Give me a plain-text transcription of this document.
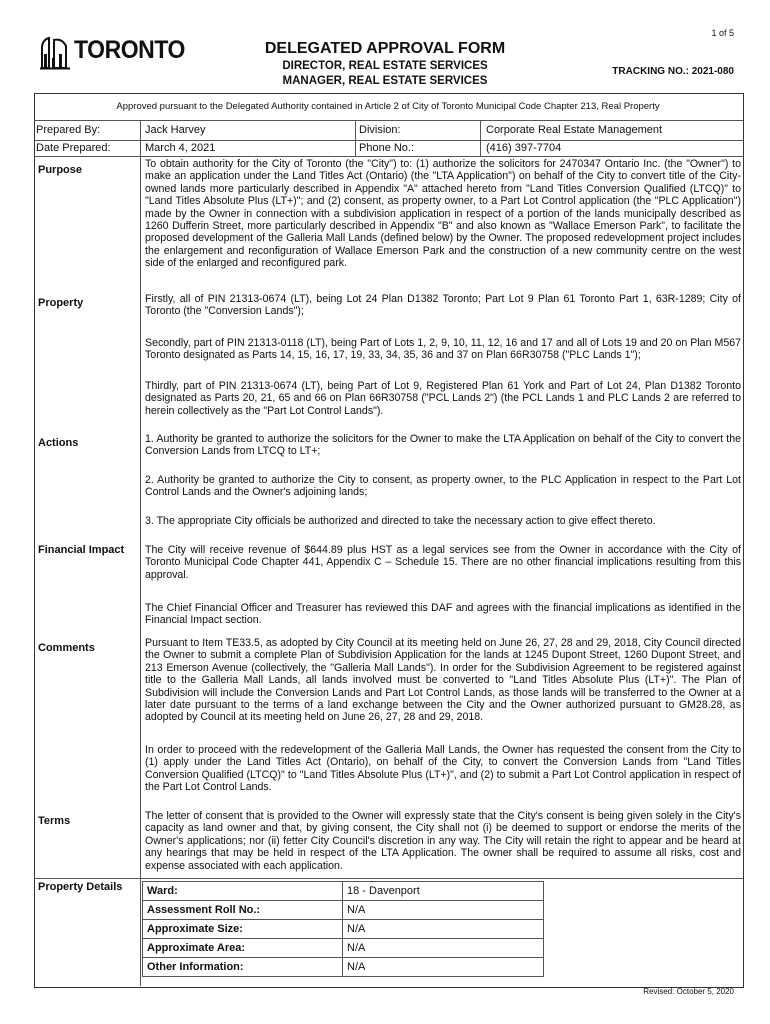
1 of 5
TORONTO	DELEGATED APPROVAL FORM
DIRECTOR, REAL ESTATE SERVICES
MANAGER, REAL ESTATE SERVICES
TRACKING NO.: 2021-080
Approved pursuant to the Delegated Authority contained in Article 2 of City of Toronto Municipal Code Chapter 213, Real Property
Prepared By:	Jack Harvey	Division:	Corporate Real Estate Management
Date Prepared:	March 4, 2021	Phone No.:	(416) 397-7704
Purpose	To obtain authority for the City of Toronto (the "City") to: (1) authorize the solicitors for 2470347 Ontario Inc. (the "Owner") to make an application under the Land Titles Act (Ontario) (the "LTA Application") on behalf of the City to convert title of the City-owned lands more particularly described in Appendix "A" attached hereto from "Land Titles Conversion Qualified (LTCQ)" to "Land Titles Absolute Plus (LT+)"; and (2) consent, as property owner, to a Part Lot Control application (the "PLC Application") made by the Owner in connection with a subdivision application in respect of a portion of the lands municipally described as 1260 Dufferin Street, more particularly described in Appendix "B" and also known as "Wallace Emerson Park", to facilitate the proposed development of the Galleria Mall Lands (defined below) by the Owner. The proposed redevelopment project includes the enlargement and reconfiguration of Wallace Emerson Park and the construction of a new community centre on the west side of the enlarged and reconfigured park.
Property	Firstly, all of PIN 21313-0674 (LT), being Lot 24 Plan D1382 Toronto; Part Lot 9 Plan 61 Toronto Part 1, 63R-1289; City of Toronto (the "Conversion Lands");
Secondly, part of PIN 21313-0118 (LT), being Part of Lots 1, 2, 9, 10, 11, 12, 16 and 17 and all of Lots 19 and 20 on Plan M567 Toronto designated as Parts 14, 15, 16, 17, 19, 33, 34, 35, 36 and 37 on Plan 66R30758 ("PLC Lands 1");
Thirdly, part of PIN 21313-0674 (LT), being Part of Lot 9, Registered Plan 61 York and Part of Lot 24, Plan D1382 Toronto designated as Parts 20, 21, 65 and 66 on Plan 66R30758 ("PCL Lands 2") (the PCL Lands 1 and PLC Lands 2 are referred to herein collectively as the "Part Lot Control Lands").
Actions	1. Authority be granted to authorize the solicitors for the Owner to make the LTA Application on behalf of the City to convert the Conversion Lands from LTCQ to LT+;
2. Authority be granted to authorize the City to consent, as property owner, to the PLC Application in respect to the Part Lot Control Lands and the Owner's adjoining lands;
3. The appropriate City officials be authorized and directed to take the necessary action to give effect thereto.
Financial Impact The City will receive revenue of $644.89 plus HST as a legal services see from the Owner in accordance with the City of Toronto Municipal Code Chapter 441, Appendix C – Schedule 15. There are no other financial implications resulting from this approval.
The Chief Financial Officer and Treasurer has reviewed this DAF and agrees with the financial implications as identified in the Financial Impact section.
Comments	Pursuant to Item TE33.5, as adopted by City Council at its meeting held on June 26, 27, 28 and 29, 2018, City Council directed the Owner to submit a complete Plan of Subdivision Application for the lands at 1245 Dupont Street, 1260 Dupont Street, and 213 Emerson Avenue (collectively, the "Galleria Mall Lands"). In order for the Subdivision Agreement to be registered against title to the Galleria Mall Lands, all lands involved must be converted to "Land Titles Absolute Plus (LT+)". The Plan of Subdivision will include the Conversion Lands and Part Lot Control Lands, as those lands will be transferred to the Owner at a later date pursuant to the terms of a land exchange between the City and the Owner authorized pursuant to GM28.28, as adopted by Council at its meeting held on June 26, 27, 28 and 29, 2018.
In order to proceed with the redevelopment of the Galleria Mall Lands, the Owner has requested the consent from the City to (1) apply under the Land Titles Act (Ontario), on behalf of the City, to convert the Conversion Lands from "Land Titles Conversion Qualified (LTCQ)" to "Land Titles Absolute Plus (LT+)", and (2) to submit a Part Lot Control application in respect of the Part Lot Control Lands.
Terms	The letter of consent that is provided to the Owner will expressly state that the City's consent is being given solely in the City's capacity as land owner and that, by giving consent, the City shall not (i) be deemed to support or endorse the merits of the Owner's applications; nor (ii) fetter City Council's discretion in any way. The City will retain the right to appear and be heard at any hearings that may be held in respect of the LTA Application. The owner shall be required to assume all risks, cost and expense associated with each application.
Property Details Ward:	18 - Davenport
Assessment Roll No.:	N/A
Approximate Size:	N/A
Approximate Area:	N/A
Other Information:	N/A
Revised: October 5, 2020
